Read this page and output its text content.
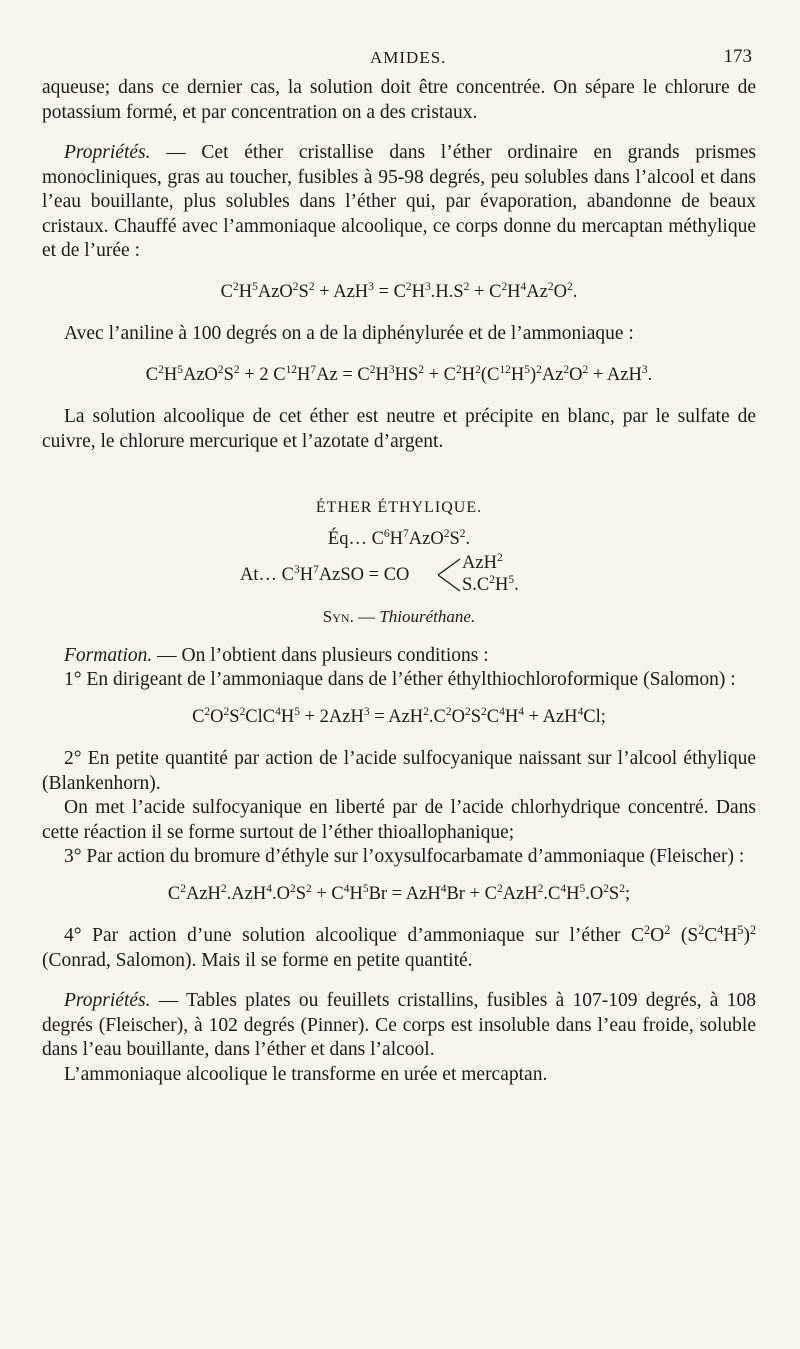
AMIDES.	173

aqueuse; dans ce dernier cas, la solution doit être concentrée. On sépare le chlorure de potassium formé, et par concentration on a des cristaux.

Propriétés. — Cet éther cristallise dans l’éther ordinaire en grands prismes monocliniques, gras au toucher, fusibles à 95-98 degrés, peu solubles dans l’alcool et dans l’eau bouillante, plus solubles dans l’éther qui, par évaporation, abandonne de beaux cristaux. Chauffé avec l’ammoniaque alcoolique, ce corps donne du mercaptan méthylique et de l’urée :

$C^2H^5AzO^2S^2 + AzH^3 = C^2H^3.H.S^2 + C^2H^4Az^2O^2$.

Avec l’aniline à 100 degrés on a de la diphénylurée et de l’ammoniaque :

$C^2H^5AzO^2S^2 + 2$ $C^{12}H^7Az = C^2H^3HS^2 + C^2H^2(C^{12}H^5)^2Az^2O^2 + AzH^3$.

La solution alcoolique de cet éther est neutre et précipite en blanc, par le sulfate de cuivre, le chlorure mercurique et l’azotate d’argent.

ÉTHER ÉTHYLIQUE.
Éq… $C^6H^7AzO^2S^2$.
At… $C^3H^7AzSO$ = CO
AzH$^2$
$S.C^2H^5$.
Syn. — Thiouréthane.

Formation. — On l’obtient dans plusieurs conditions :

1° En dirigeant de l’ammoniaque dans de l’éther éthylthiochloroformique (Salomon) :

$C^2O^2S^2ClC^4H^5 + 2AzH^3 = AzH^2.C^2O^2S^2C^4H^4 + AzH^4Cl$;

2° En petite quantité par action de l’acide sulfocyanique naissant sur l’alcool éthylique (Blankenhorn).

On met l’acide sulfocyanique en liberté par de l’acide chlorhydrique concentré. Dans cette réaction il se forme surtout de l’éther thioallophanique;

3° Par action du bromure d’éthyle sur l’oxysulfocarbamate d’ammoniaque (Fleischer) :

$C^2AzH^2.AzH^4.O^2S^2 + C^4H^5Br = AzH^4Br + C^2AzH^2.C^4H^5.O^2S^2$;

4° Par action d’une solution alcoolique d’ammoniaque sur l’éther $C^2O^2$ $(S^2C^4H^5)^2$ (Conrad, Salomon). Mais il se forme en petite quantité.

Propriétés. — Tables plates ou feuillets cristallins, fusibles à 107-109 degrés, à 108 degrés (Fleischer), à 102 degrés (Pinner). Ce corps est insoluble dans l’eau froide, soluble dans l’eau bouillante, dans l’éther et dans l’alcool.

L’ammoniaque alcoolique le transforme en urée et mercaptan.
